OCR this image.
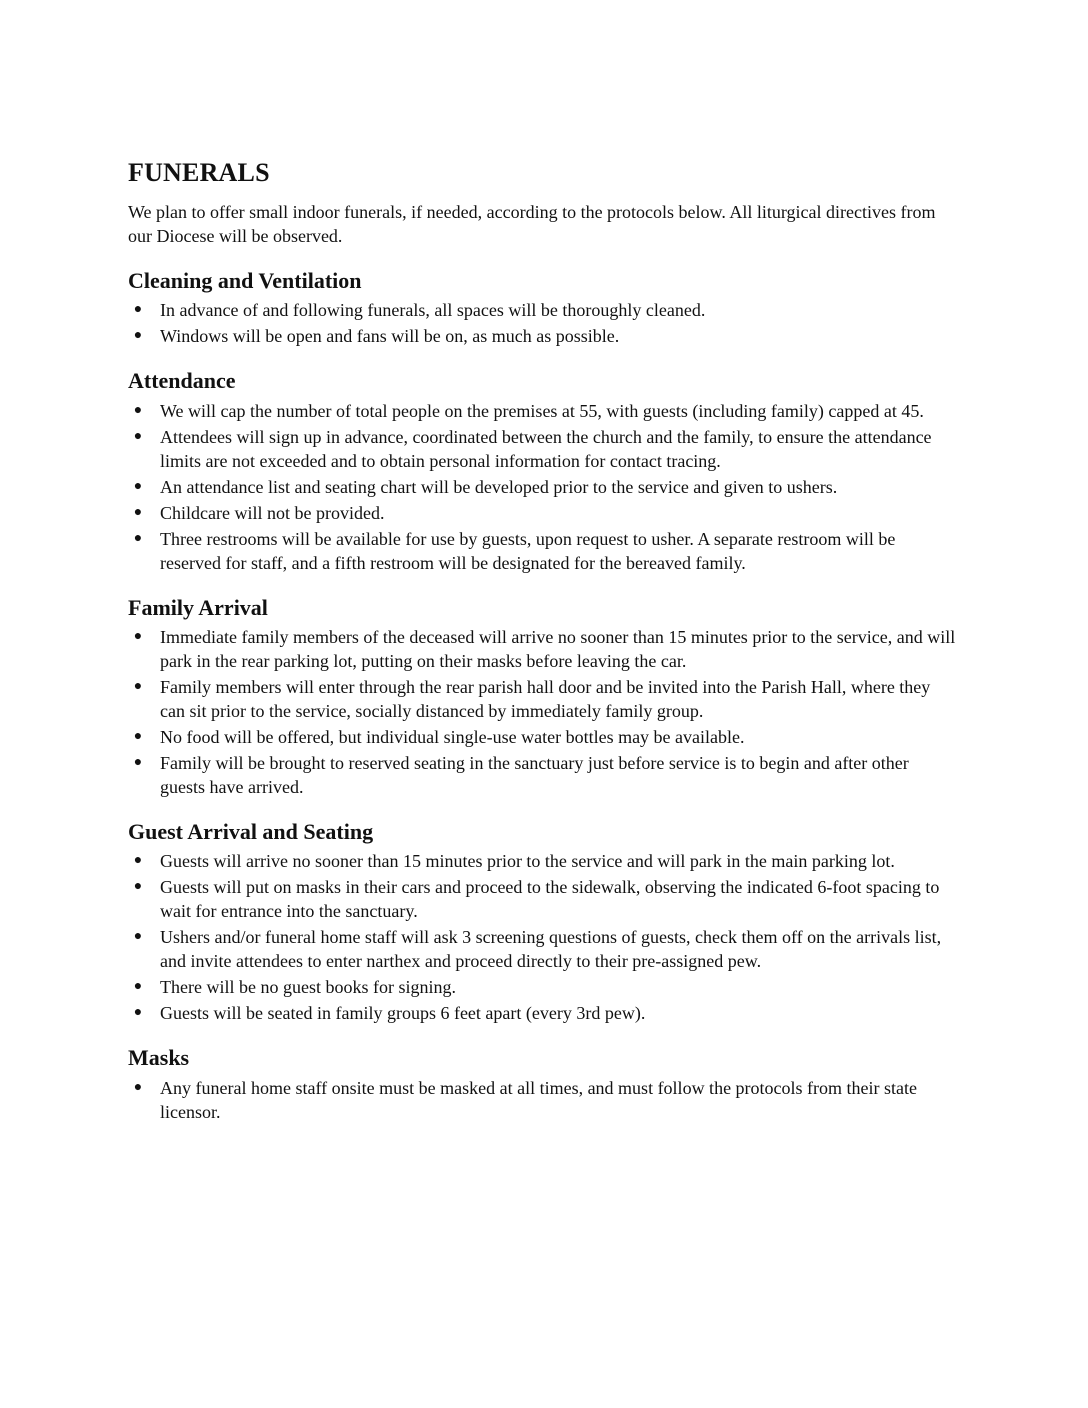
FUNERALS

We plan to offer small indoor funerals, if needed, according to the protocols below. All liturgical directives from our Diocese will be observed.

Cleaning and Ventilation
● In advance of and following funerals, all spaces will be thoroughly cleaned.
● Windows will be open and fans will be on, as much as possible.
Attendance
● We will cap the number of total people on the premises at 55, with guests (including family) capped at 45.
● Attendees will sign up in advance, coordinated between the church and the family, to ensure the attendance limits are not exceeded and to obtain personal information for contact tracing.
● An attendance list and seating chart will be developed prior to the service and given to ushers.
● Childcare will not be provided.
● Three restrooms will be available for use by guests, upon request to usher. A separate restroom will be reserved for staff, and a fifth restroom will be designated for the bereaved family.
Family Arrival
● Immediate family members of the deceased will arrive no sooner than 15 minutes prior to the service, and will park in the rear parking lot, putting on their masks before leaving the car.
● Family members will enter through the rear parish hall door and be invited into the Parish Hall, where they can sit prior to the service, socially distanced by immediately family group.
● No food will be offered, but individual single-use water bottles may be available.
● Family will be brought to reserved seating in the sanctuary just before service is to begin and after other guests have arrived.
Guest Arrival and Seating
● Guests will arrive no sooner than 15 minutes prior to the service and will park in the main parking lot.
● Guests will put on masks in their cars and proceed to the sidewalk, observing the indicated 6-foot spacing to wait for entrance into the sanctuary.
● Ushers and/or funeral home staff will ask 3 screening questions of guests, check them off on the arrivals list, and invite attendees to enter narthex and proceed directly to their pre-assigned pew.
● There will be no guest books for signing.
● Guests will be seated in family groups 6 feet apart (every 3rd pew).
Masks
● Any funeral home staff onsite must be masked at all times, and must follow the protocols from their state licensor.
